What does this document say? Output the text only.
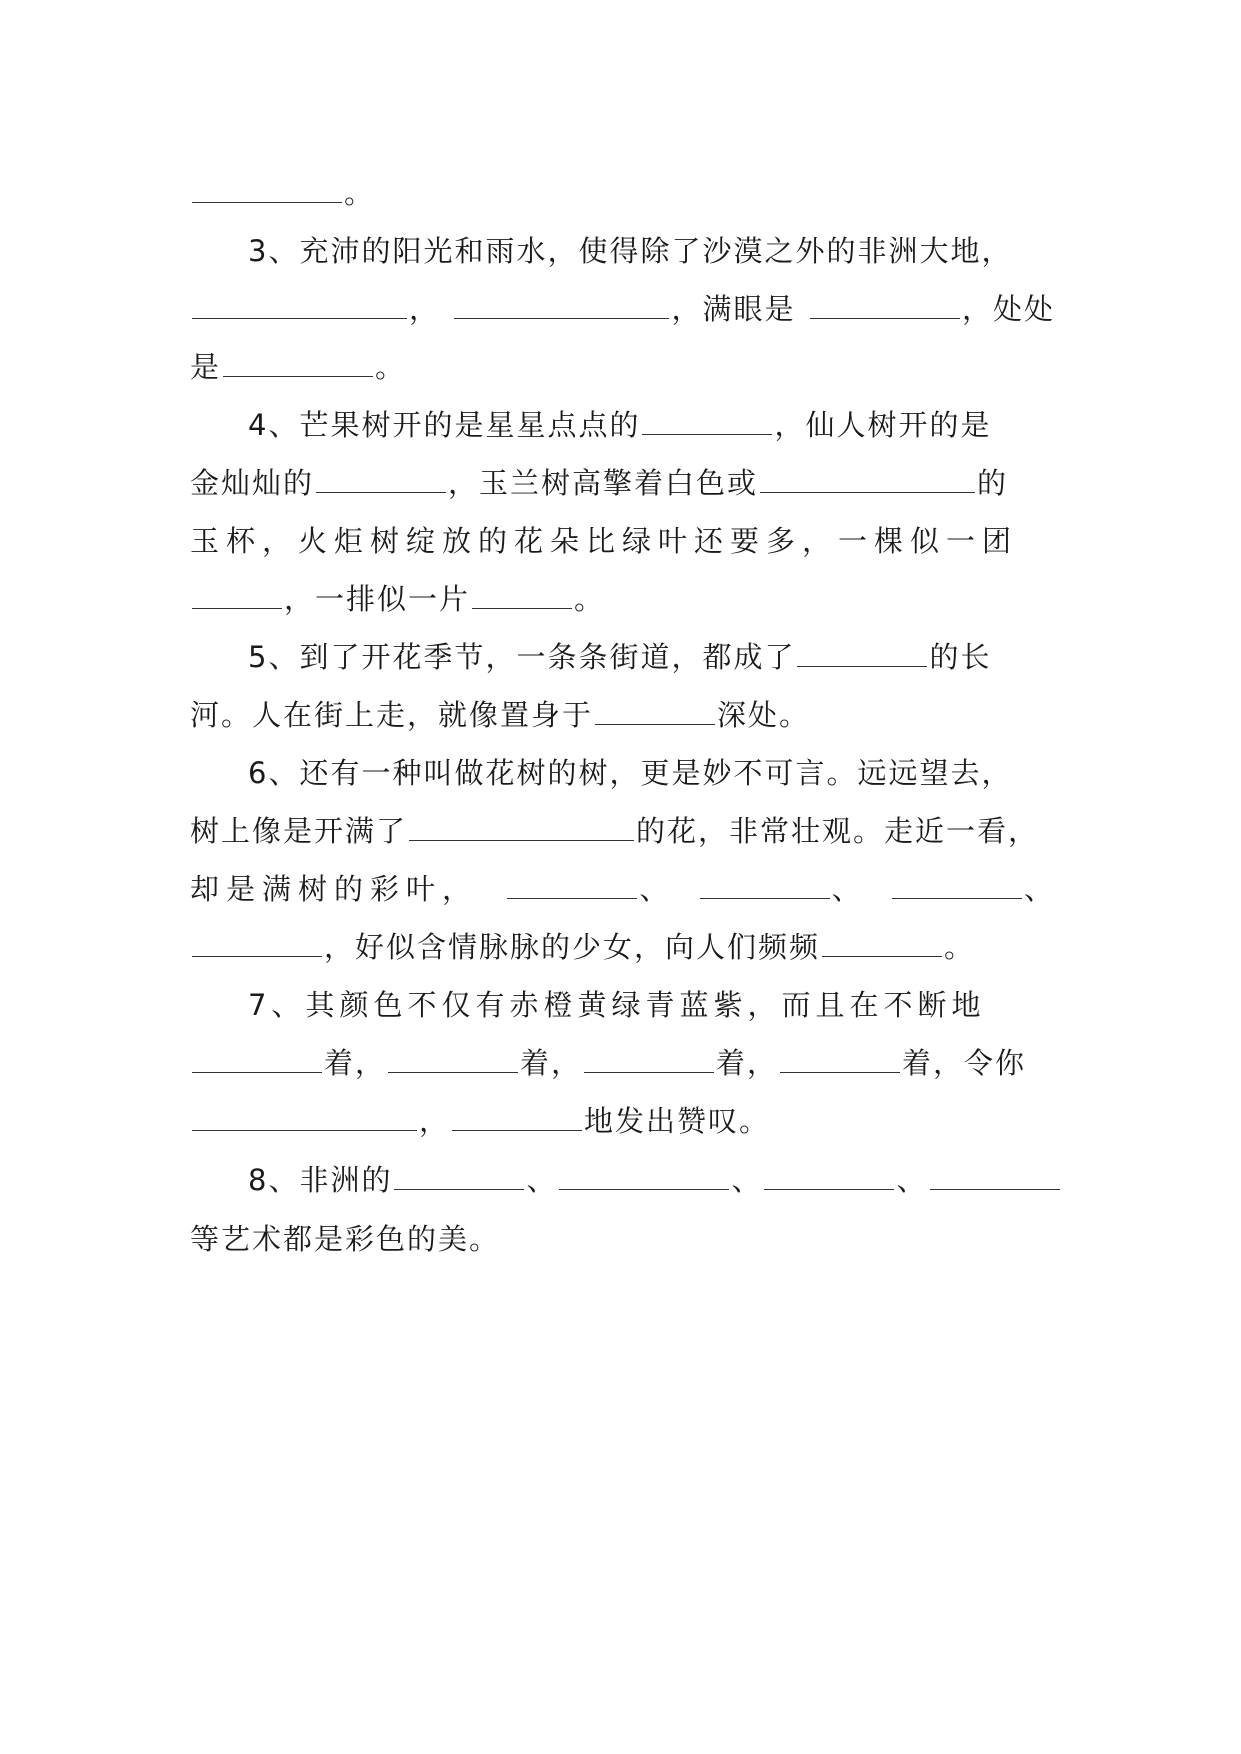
。
3、充沛的阳光和雨水，使得除了沙漠之外的非洲大地，
，	，满眼是	，处处
是	。
4、芒果树开的是星星点点的	，仙人树开的是
金灿灿的	，玉兰树高擎着白色或	的
玉杯，火炬树绽放的花朵比绿叶还要多，一棵似一团
，一排似一片	。
5、到了开花季节，一条条街道，都成了	的长
河。人在街上走，就像置身于	深处。
6、还有一种叫做花树的树，更是妙不可言。远远望去，
树上像是开满了	的花，非常壮观。走近一看，
却是满树的彩叶，	、	、	、
，好似含情脉脉的少女，向人们频频	。
7、其颜色不仅有赤橙黄绿青蓝紫，而且在不断地
着，	着，	着，	着，令你
，	地发出赞叹。
8、非洲的	、	、	、
等艺术都是彩色的美。
